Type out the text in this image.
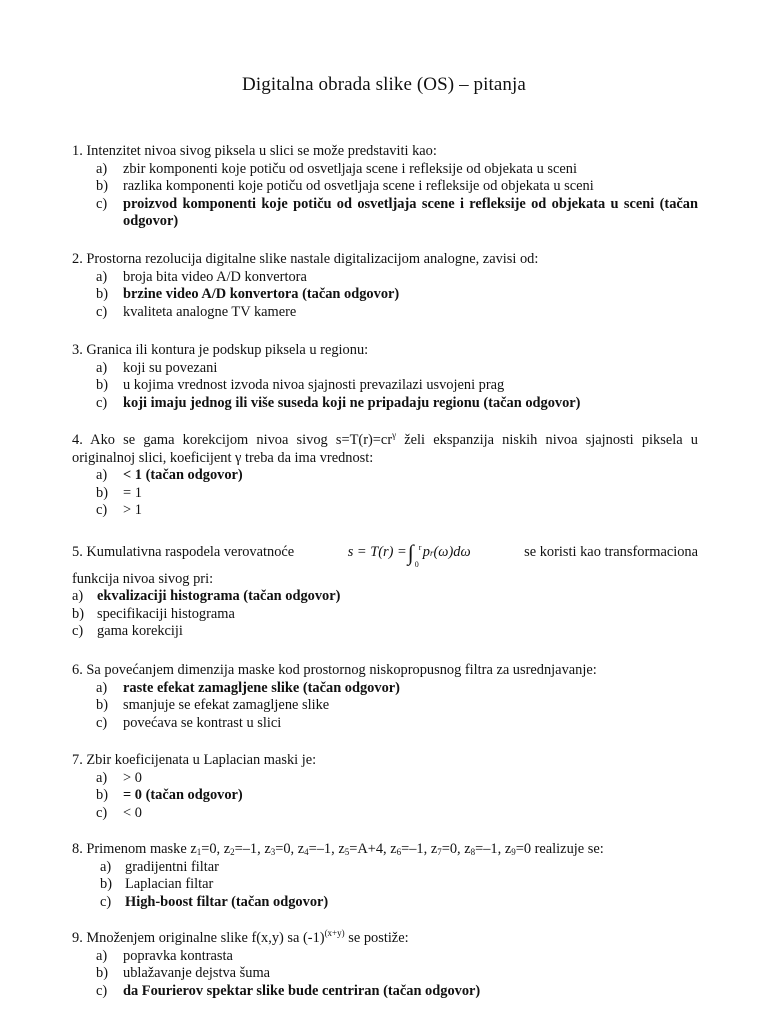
Digitalna obrada slike (OS) – pitanja
1. Intenzitet nivoa sivog piksela u slici se može predstaviti kao:
a)	zbir komponenti koje potiču od osvetljaja scene i refleksije od objekata u sceni
b)	razlika komponenti koje potiču od osvetljaja scene i refleksije od objekata u sceni
c)	proizvod komponenti koje potiču od osvetljaja scene i refleksije od objekata u sceni (tačan odgovor)
2. Prostorna rezolucija digitalne slike nastale digitalizacijom analogne, zavisi od:
a)	broja bita video A/D konvertora
b)	brzine video A/D konvertora (tačan odgovor)
c)	kvaliteta analogne TV kamere
3. Granica ili kontura je podskup piksela u regionu:
a)	koji su povezani
b)	u kojima vrednost izvoda nivoa sjajnosti prevazilazi usvojeni prag
c)	koji imaju jednog ili više suseda koji ne pripadaju regionu (tačan odgovor)
4. Ako se gama korekcijom nivoa sivog $s=T(r)=cr^\gamma$ želi ekspanzija niskih nivoa sjajnosti piksela u originalnoj slici, koeficijent γ treba da ima vrednost:
a)	< 1 (tačan odgovor)
b)	= 1
c)	> 1
5. Kumulativna raspodela verovatnoće	s = T(r) = ∫ r
0
p r (ω)dω	se koristi kao transformaciona
funkcija nivoa sivog pri:
a) ekvalizaciji histograma (tačan odgovor)
b) specifikaciji histograma
c) gama korekciji
6. Sa povećanjem dimenzija maske kod prostornog niskopropusnog filtra za usrednjavanje:
a)	raste efekat zamagljene slike (tačan odgovor)
b)	smanjuje se efekat zamagljene slike
c)	povećava se kontrast u slici
7. Zbir koeficijenata u Laplacian maski je:
a)	> 0
b)	= 0 (tačan odgovor)
c)	< 0
8. Primenom maske $z_1=0$, $z_2=-1$, $z_3=0$, $z_4=-1$, $z_5=A+4$, $z_6=-1$, $z_7=0$, $z_8=-1$, $z_9=0$ realizuje se:
a) gradijentni filtar
b) Laplacian filtar
c) High-boost filtar (tačan odgovor)
9. Množenjem originalne slike f(x,y) sa $(-1)^{(x+y)}$ se postiže:
a)	popravka kontrasta
b)	ublažavanje dejstva šuma
c)	da Fourierov spektar slike bude centriran (tačan odgovor)
